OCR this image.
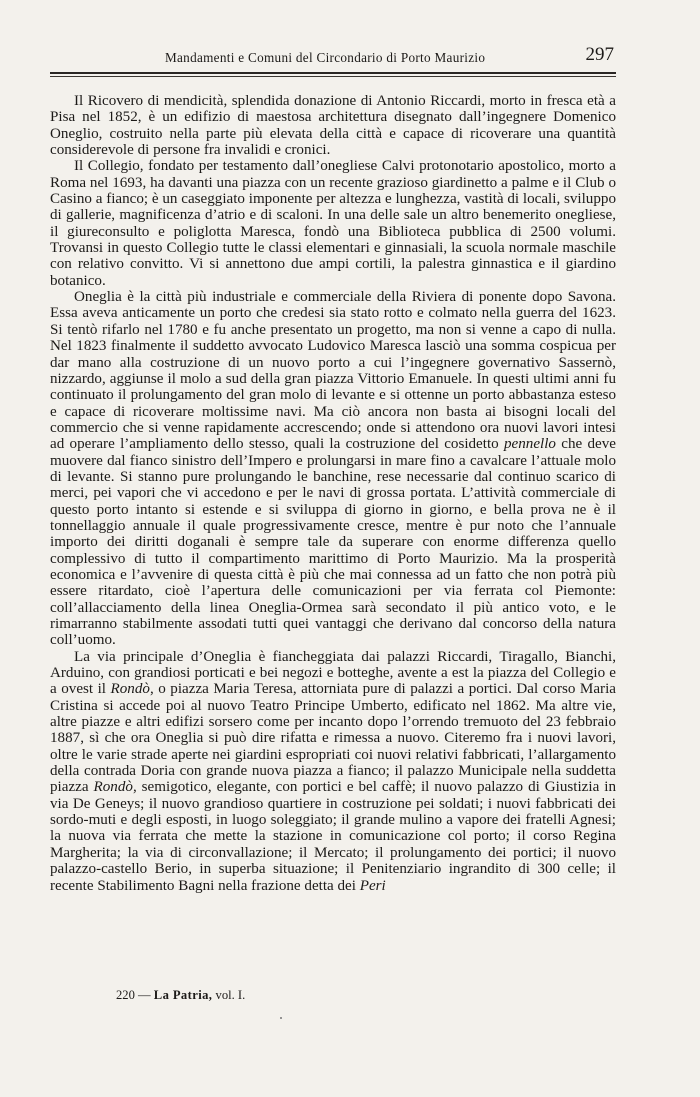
Mandamenti e Comuni del Circondario di Porto Maurizio	297

Il Ricovero di mendicità, splendida donazione di Antonio Riccardi, morto in fresca età a Pisa nel 1852, è un edifizio di maestosa architettura disegnato dall’ingegnere Domenico Oneglio, costruito nella parte più elevata della città e capace di ricoverare una quantità considerevole di persone fra invalidi e cronici.

Il Collegio, fondato per testamento dall’onegliese Calvi protonotario apostolico, morto a Roma nel 1693, ha davanti una piazza con un recente grazioso giardinetto a palme e il Club o Casino a fianco; è un caseggiato imponente per altezza e lunghezza, vastità di locali, sviluppo di gallerie, magnificenza d’atrio e di scaloni. In una delle sale un altro benemerito onegliese, il giureconsulto e poliglotta Maresca, fondò una Biblioteca pubblica di 2500 volumi. Trovansi in questo Collegio tutte le classi elementari e ginnasiali, la scuola normale maschile con relativo convitto. Vi si annettono due ampi cortili, la palestra ginnastica e il giardino botanico.

Oneglia è la città più industriale e commerciale della Riviera di ponente dopo Savona. Essa aveva anticamente un porto che credesi sia stato rotto e colmato nella guerra del 1623. Si tentò rifarlo nel 1780 e fu anche presentato un progetto, ma non si venne a capo di nulla. Nel 1823 finalmente il suddetto avvocato Ludovico Maresca lasciò una somma cospicua per dar mano alla costruzione di un nuovo porto a cui l’ingegnere governativo Sassernò, nizzardo, aggiunse il molo a sud della gran piazza Vittorio Emanuele. In questi ultimi anni fu continuato il prolungamento del gran molo di levante e si ottenne un porto abbastanza esteso e capace di ricoverare moltissime navi. Ma ciò ancora non basta ai bisogni locali del commercio che si venne rapidamente accrescendo; onde si attendono ora nuovi lavori intesi ad operare l’ampliamento dello stesso, quali la costruzione del cosidetto pennello che deve muovere dal fianco sinistro dell’Impero e prolungarsi in mare fino a cavalcare l’attuale molo di levante. Si stanno pure prolungando le banchine, rese necessarie dal continuo scarico di merci, pei vapori che vi accedono e per le navi di grossa portata. L’attività commerciale di questo porto intanto si estende e si sviluppa di giorno in giorno, e bella prova ne è il tonnellaggio annuale il quale progressivamente cresce, mentre è pur noto che l’annuale importo dei diritti doganali è sempre tale da superare con enorme differenza quello complessivo di tutto il compartimento marittimo di Porto Maurizio. Ma la prosperità economica e l’avvenire di questa città è più che mai connessa ad un fatto che non potrà più essere ritardato, cioè l’apertura delle comunicazioni per via ferrata col Piemonte: coll’allacciamento della linea Oneglia-Ormea sarà secondato il più antico voto, e le rimarranno stabilmente assodati tutti quei vantaggi che derivano dal concorso della natura coll’uomo.

La via principale d’Oneglia è fiancheggiata dai palazzi Riccardi, Tiragallo, Bianchi, Arduino, con grandiosi porticati e bei negozi e botteghe, avente a est la piazza del Collegio e a ovest il Rondò, o piazza Maria Teresa, attorniata pure di palazzi a portici. Dal corso Maria Cristina si accede poi al nuovo Teatro Principe Umberto, edificato nel 1862. Ma altre vie, altre piazze e altri edifizi sorsero come per incanto dopo l’orrendo tremuoto del 23 febbraio 1887, sì che ora Oneglia si può dire rifatta e rimessa a nuovo. Citeremo fra i nuovi lavori, oltre le varie strade aperte nei giardini espropriati coi nuovi relativi fabbricati, l’allargamento della contrada Doria con grande nuova piazza a fianco; il palazzo Municipale nella suddetta piazza Rondò, semigotico, elegante, con portici e bel caffè; il nuovo palazzo di Giustizia in via De Geneys; il nuovo grandioso quartiere in costruzione pei soldati; i nuovi fabbricati dei sordo-muti e degli esposti, in luogo soleggiato; il grande mulino a vapore dei fratelli Agnesi; la nuova via ferrata che mette la stazione in comunicazione col porto; il corso Regina Margherita; la via di circonvallazione; il Mercato; il prolungamento dei portici; il nuovo palazzo-castello Berio, in superba situazione; il Penitenziario ingrandito di 300 celle; il recente Stabilimento Bagni nella frazione detta dei Peri

220 — La Patria, vol. I.
